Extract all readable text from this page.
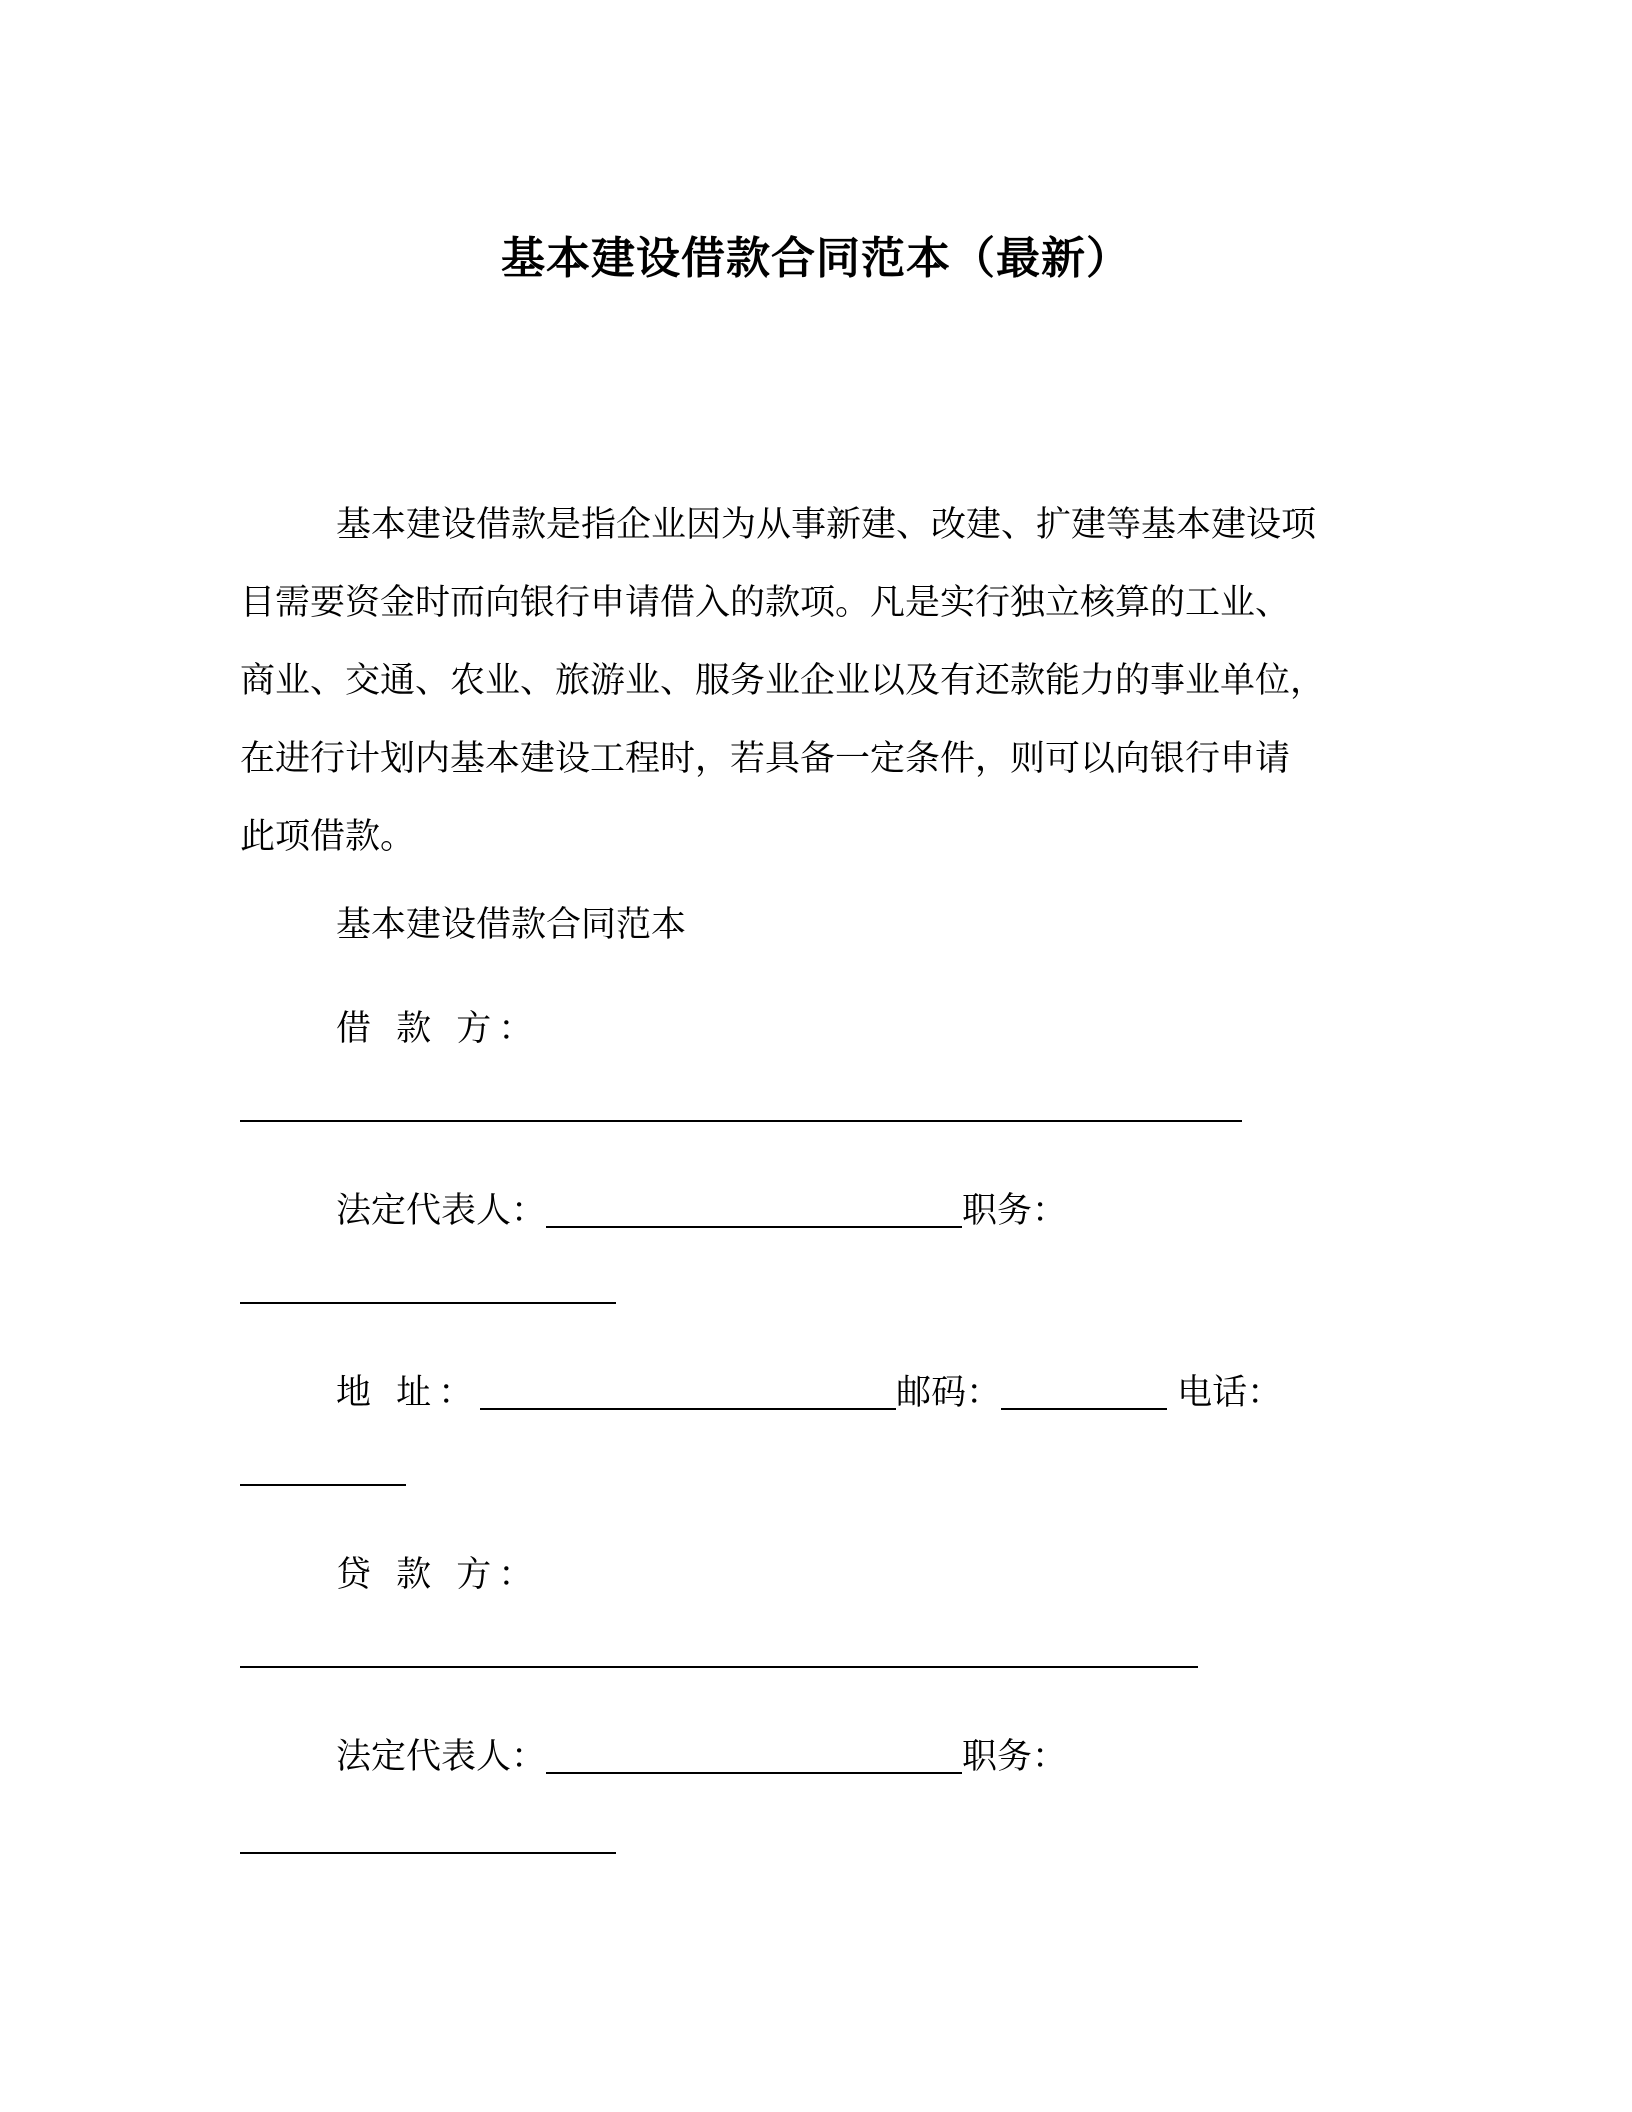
基本建设借款合同范本（最新）
基本建设借款是指企业因为从事新建、改建、扩建等基本建设项
目需要资金时而向银行申请借入的款项。凡是实行独立核算的工业、
商业、交通、农业、旅游业、服务业企业以及有还款能力的事业单位，
在进行计划内基本建设工程时，若具备一定条件，则可以向银行申请
此项借款。
基本建设借款合同范本
借 款 方：
法定代表人：	职务：
地 址：	邮码：	电话：
贷 款 方：
法定代表人：	职务：
